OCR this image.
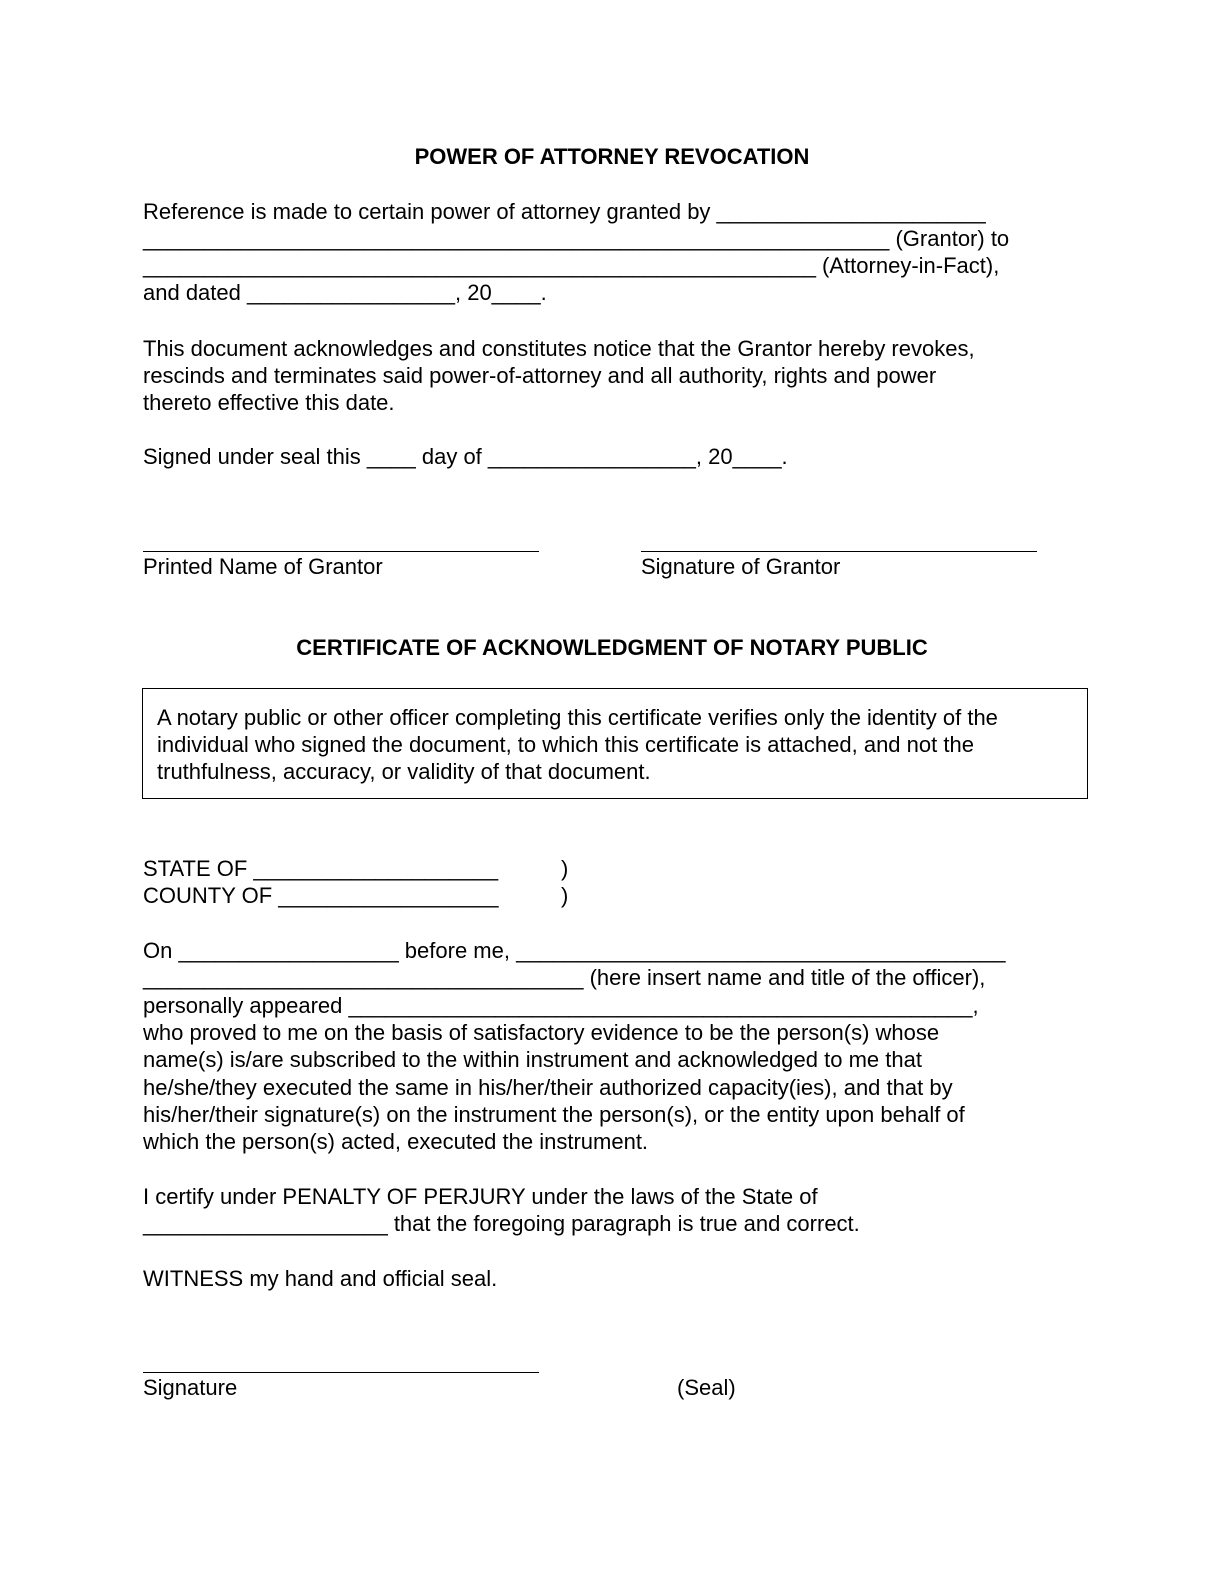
POWER OF ATTORNEY REVOCATION
Reference is made to certain power of attorney granted by ______________________
_____________________________________________________________ (Grantor) to
_______________________________________________________ (Attorney-in-Fact),
and dated _________________, 20____.
This document acknowledges and constitutes notice that the Grantor hereby revokes,
rescinds and terminates said power-of-attorney and all authority, rights and power
thereto effective this date.
Signed under seal this ____ day of _________________, 20____.
Printed Name of Grantor	Signature of Grantor
CERTIFICATE OF ACKNOWLEDGMENT OF NOTARY PUBLIC
A notary public or other officer completing this certificate verifies only the identity of the
individual who signed the document, to which this certificate is attached, and not the
truthfulness, accuracy, or validity of that document.
STATE OF ____________________	)
COUNTY OF __________________	)
On __________________ before me, ________________________________________
____________________________________ (here insert name and title of the officer),
personally appeared ___________________________________________________,
who proved to me on the basis of satisfactory evidence to be the person(s) whose
name(s) is/are subscribed to the within instrument and acknowledged to me that
he/she/they executed the same in his/her/their authorized capacity(ies), and that by
his/her/their signature(s) on the instrument the person(s), or the entity upon behalf of
which the person(s) acted, executed the instrument.
I certify under PENALTY OF PERJURY under the laws of the State of
____________________ that the foregoing paragraph is true and correct.
WITNESS my hand and official seal.
Signature	(Seal)
